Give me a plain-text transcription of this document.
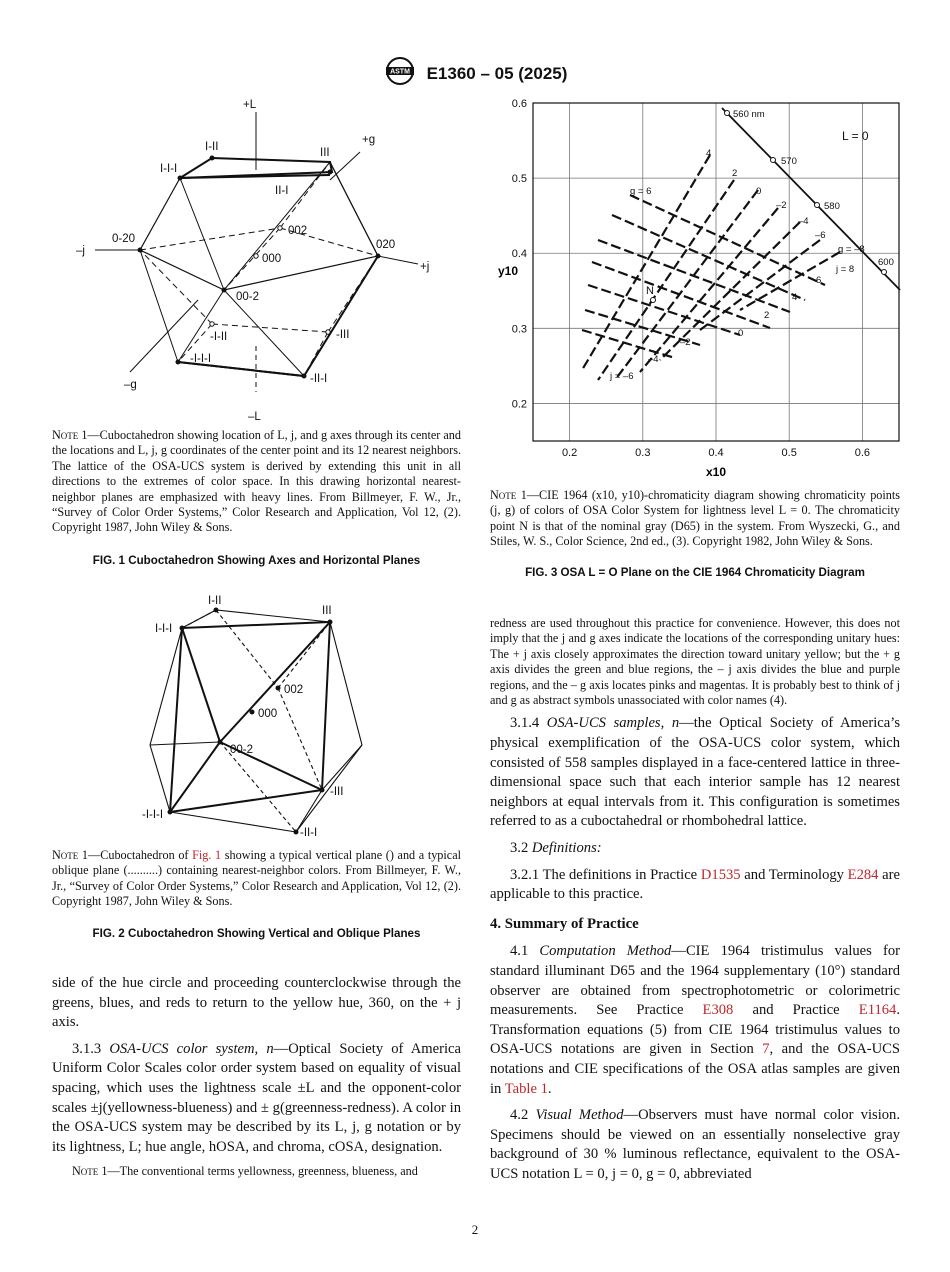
ASTM E1360 – 05 (2025)
+L
–L
+g
–g
+j
–j
I-II
I-I-I
III
II-I
002
000
0-20	020
00-2
-I-II	-III
-I-I-I
-II-I
Note 1—Cuboctahedron showing location of L, j, and g axes through its center and the locations and L, j, g coordinates of the center point and its 12 nearest neighbors. The lattice of the OSA-UCS system is derived by extending this unit in all directions to the extremes of color space. In this drawing horizontal nearest-neighbor planes are emphasized with heavy lines. From Billmeyer, F. W., Jr., “Survey of Color Order Systems,” Color Research and Application, Vol 12, (2). Copyright 1987, John Wiley & Sons.
FIG. 1 Cuboctahedron Showing Axes and Horizontal Planes
0.2	0.3	0.4	0.5	0.6
0.2
0.3
0.4
0.5
0.6
x10
y10
L = 0
560 nm
570
580
600
g = 6
g = –8
j = 8
j = –6
N
4
2
0
–2
–4
–6
6
4
2
0
–2
–4
Note 1—CIE 1964 (x10, y10)-chromaticity diagram showing chromaticity points (j, g) of colors of OSA Color System for lightness level L = 0. The chromaticity point N is that of the nominal gray (D65) in the system. From Wyszecki, G., and Stiles, W. S., Color Science, 2nd ed., (3). Copyright 1982, John Wiley & Sons.
FIG. 3 OSA L = O Plane on the CIE 1964 Chromaticity Diagram
I-II
I-I-I
III
002
000
00-2
-III
-I-I-I
-II-I
Note 1—Cuboctahedron of Fig. 1 showing a typical vertical plane () and a typical oblique plane (..........) containing nearest-neighbor colors. From Billmeyer, F. W., Jr., “Survey of Color Order Systems,” Color Research and Application, Vol 12, (2). Copyright 1987, John Wiley & Sons.
FIG. 2 Cuboctahedron Showing Vertical and Oblique Planes

side of the hue circle and proceeding counterclockwise through the greens, blues, and reds to return to the yellow hue, 360, on the + j axis.

3.1.3 OSA-UCS color system, n—Optical Society of America Uniform Color Scales color order system based on equality of visual spacing, which uses the lightness scale ±L and the opponent-color scales ±j(yellowness-blueness) and ± g(greenness-redness). A color in the OSA-UCS system may be described by its L, j, g notation or by its lightness, L; hue angle, hOSA, and chroma, cOSA, designation.

Note 1—The conventional terms yellowness, greenness, blueness, and
redness are used throughout this practice for convenience. However, this does not imply that the j and g axes indicate the locations of the corresponding unitary hues: The + j axis closely approximates the direction toward unitary yellow; but the + g axis divides the green and blue regions, the – j axis divides the blue and purple regions, and the – g axis locates pinks and magentas. It is probably best to think of j and g as abstract symbols unassociated with color names (4).

3.1.4 OSA-UCS samples, n—the Optical Society of America’s physical exemplification of the OSA-UCS color system, which consisted of 558 samples displayed in a face-centered lattice in three-dimensional space such that each interior sample has 12 nearest neighbors at equal intervals from it. This configuration is sometimes referred to as a cuboctahedral or rhombohedral lattice.

3.2 Definitions:

3.2.1 The definitions in Practice D1535 and Terminology E284 are applicable to this practice.

4. Summary of Practice

4.1 Computation Method—CIE 1964 tristimulus values for standard illuminant D65 and the 1964 supplementary (10°) standard observer are obtained from spectrophotometric or colorimetric measurements. See Practice E308 and Practice E1164. Transformation equations (5) from CIE 1964 tristimulus values to OSA-UCS notations are given in Section 7, and the OSA-UCS notations and CIE specifications of the OSA atlas samples are given in Table 1.

4.2 Visual Method—Observers must have normal color vision. Specimens should be viewed on an essentially nonselective gray background of 30 % luminous reflectance, equivalent to the OSA-UCS notation L = 0, j = 0, g = 0, abbreviated

2
